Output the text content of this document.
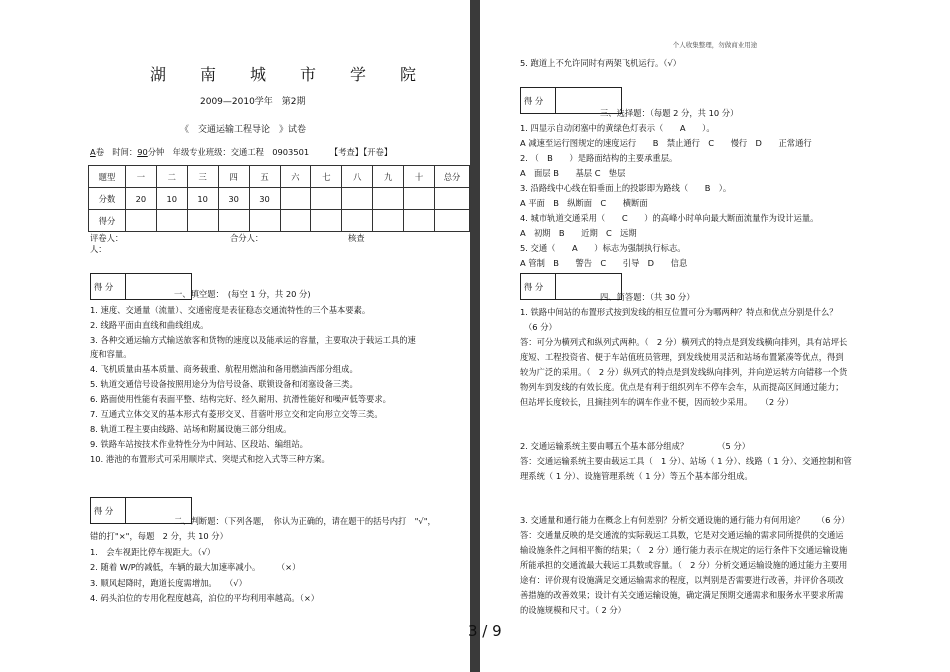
湖南城市学院
2009—2010学年　第2期
《　交通运输工程导论　》试卷
A卷　时间：90分钟　年级专业班级：交通工程　0903501　　　	【考查】【开卷】
题型	一	二	三	四	五	六	七	八	九	十	总分
分数	20	10	10	30	30						
得分											
评卷人：	合分人：	核查
人：
得 分
一、填空题：　(每空 1 分，共 20 分)
1. 速度、交通量（流量）、交通密度是表征稳态交通流特性的三个基本要素。
2. 线路平面由直线和曲线组成。
3. 各种交通运输方式输送旅客和货物的速度以及能承运的容量，主要取决于载运工具的速
度和容量。
4. 飞机质量由基本质量、商务载重、航程用燃油和备用燃油西部分组成。
5. 轨道交通信号设备按照用途分为信号设备、联锁设备和闭塞设备三类。
6. 路面使用性能有表面平整、结构完好、经久耐用、抗滑性能好和噪声低等要求。
7. 互通式立体交叉的基本形式有菱形交叉、苜蓿叶形立交和定向形立交等三类。
8. 轨道工程主要由线路、站场和附属设施三部分组成。
9. 铁路车站按技术作业特性分为中间站、区段站、编组站。
10. 港池的布置形式可采用顺岸式、突堤式和挖入式等三种方案。
得 分
二、判断题：（下列各题，　你认为正确的，请在题干的括号内打　"√"，
错的打"×"，每题　2 分，共 10 分）
1.　会车视距比停车视距大。（√）
2. 随着 W/P的减低，车辆的最大加速率减小。　　　（×）
3. 顺风起降时，跑道长度需增加。　　（√）
4. 码头泊位的专用化程度越高，泊位的平均利用率越高。（×）
个人收集整理，勿做商业用途
5. 跑道上不允许同时有两架飞机运行。（√）
得 分
三、选择题：（每题 2 分，共 10 分）
1. 四显示自动闭塞中的黄绿色灯表示（　　A　　）。
A 减速至运行图规定的速度运行　　B　禁止通行　C　　慢行　D　　正常通行
2. （　B　　）是路面结构的主要承重层。
A　面层 B　　基层 C　垫层
3. 沿路线中心线在铅垂面上的投影即为路线（　　B　）。
A 平面　B　纵断面　C　　横断面
4. 城市轨道交通采用（　　C　　）的高峰小时单向最大断面流量作为设计运量。
A　初期　B　　近期　C　远期
5. 交通（　　A　　）标志为强制执行标志。
A 管制　B　　警告　C　　引导　D　　信息
得 分
四、简答题：（共 30 分）
1. 铁路中间站的布置形式按到发线的相互位置可分为哪两种？特点和优点分别是什么？
（6 分）
答：可分为横列式和纵列式两种。（　2 分）横列式的特点是到发线横向排列，具有站坪长
度短、工程投资省、便于车站值班员管理，到发线使用灵活和站场布置紧凑等优点，得到
较为广泛的采用。（　2 分）纵列式的特点是到发线纵向排列，并向逆运转方向错移一个货
物列车到发线的有效长度。优点是有利于组织列车不停车会车，从而提高区间通过能力；
但站坪长度较长，且摘挂列车的调车作业不便，因而较少采用。　　（2 分）
2. 交通运输系统主要由哪五个基本部分组成？　　　　（5 分）
答：交通运输系统主要由载运工具（　1 分）、站场（ 1 分）、线路（ 1 分）、交通控制和管
理系统（ 1 分）、设施管理系统（ 1 分）等五个基本部分组成。
3. 交通量和通行能力在概念上有何差别？分析交通设施的通行能力有何用途？　　（6 分）
答：交通量反映的是交通流的实际载运工具数，它是对交通运输的需求同所提供的交通运
输设施条件之间相平衡的结果；（　2 分）通行能力表示在规定的运行条件下交通运输设施
所能承担的交通流最大载运工具数或容量。（　2 分）分析交通运输设施的通过能力主要用
途有：评价现有设施满足交通运输需求的程度，以判别是否需要进行改善，并评价各项改
善措施的改善效果；设计有关交通运输设施，确定满足预期交通需求和服务水平要求所需
的设施规模和尺寸。（ 2 分）
3 / 9
